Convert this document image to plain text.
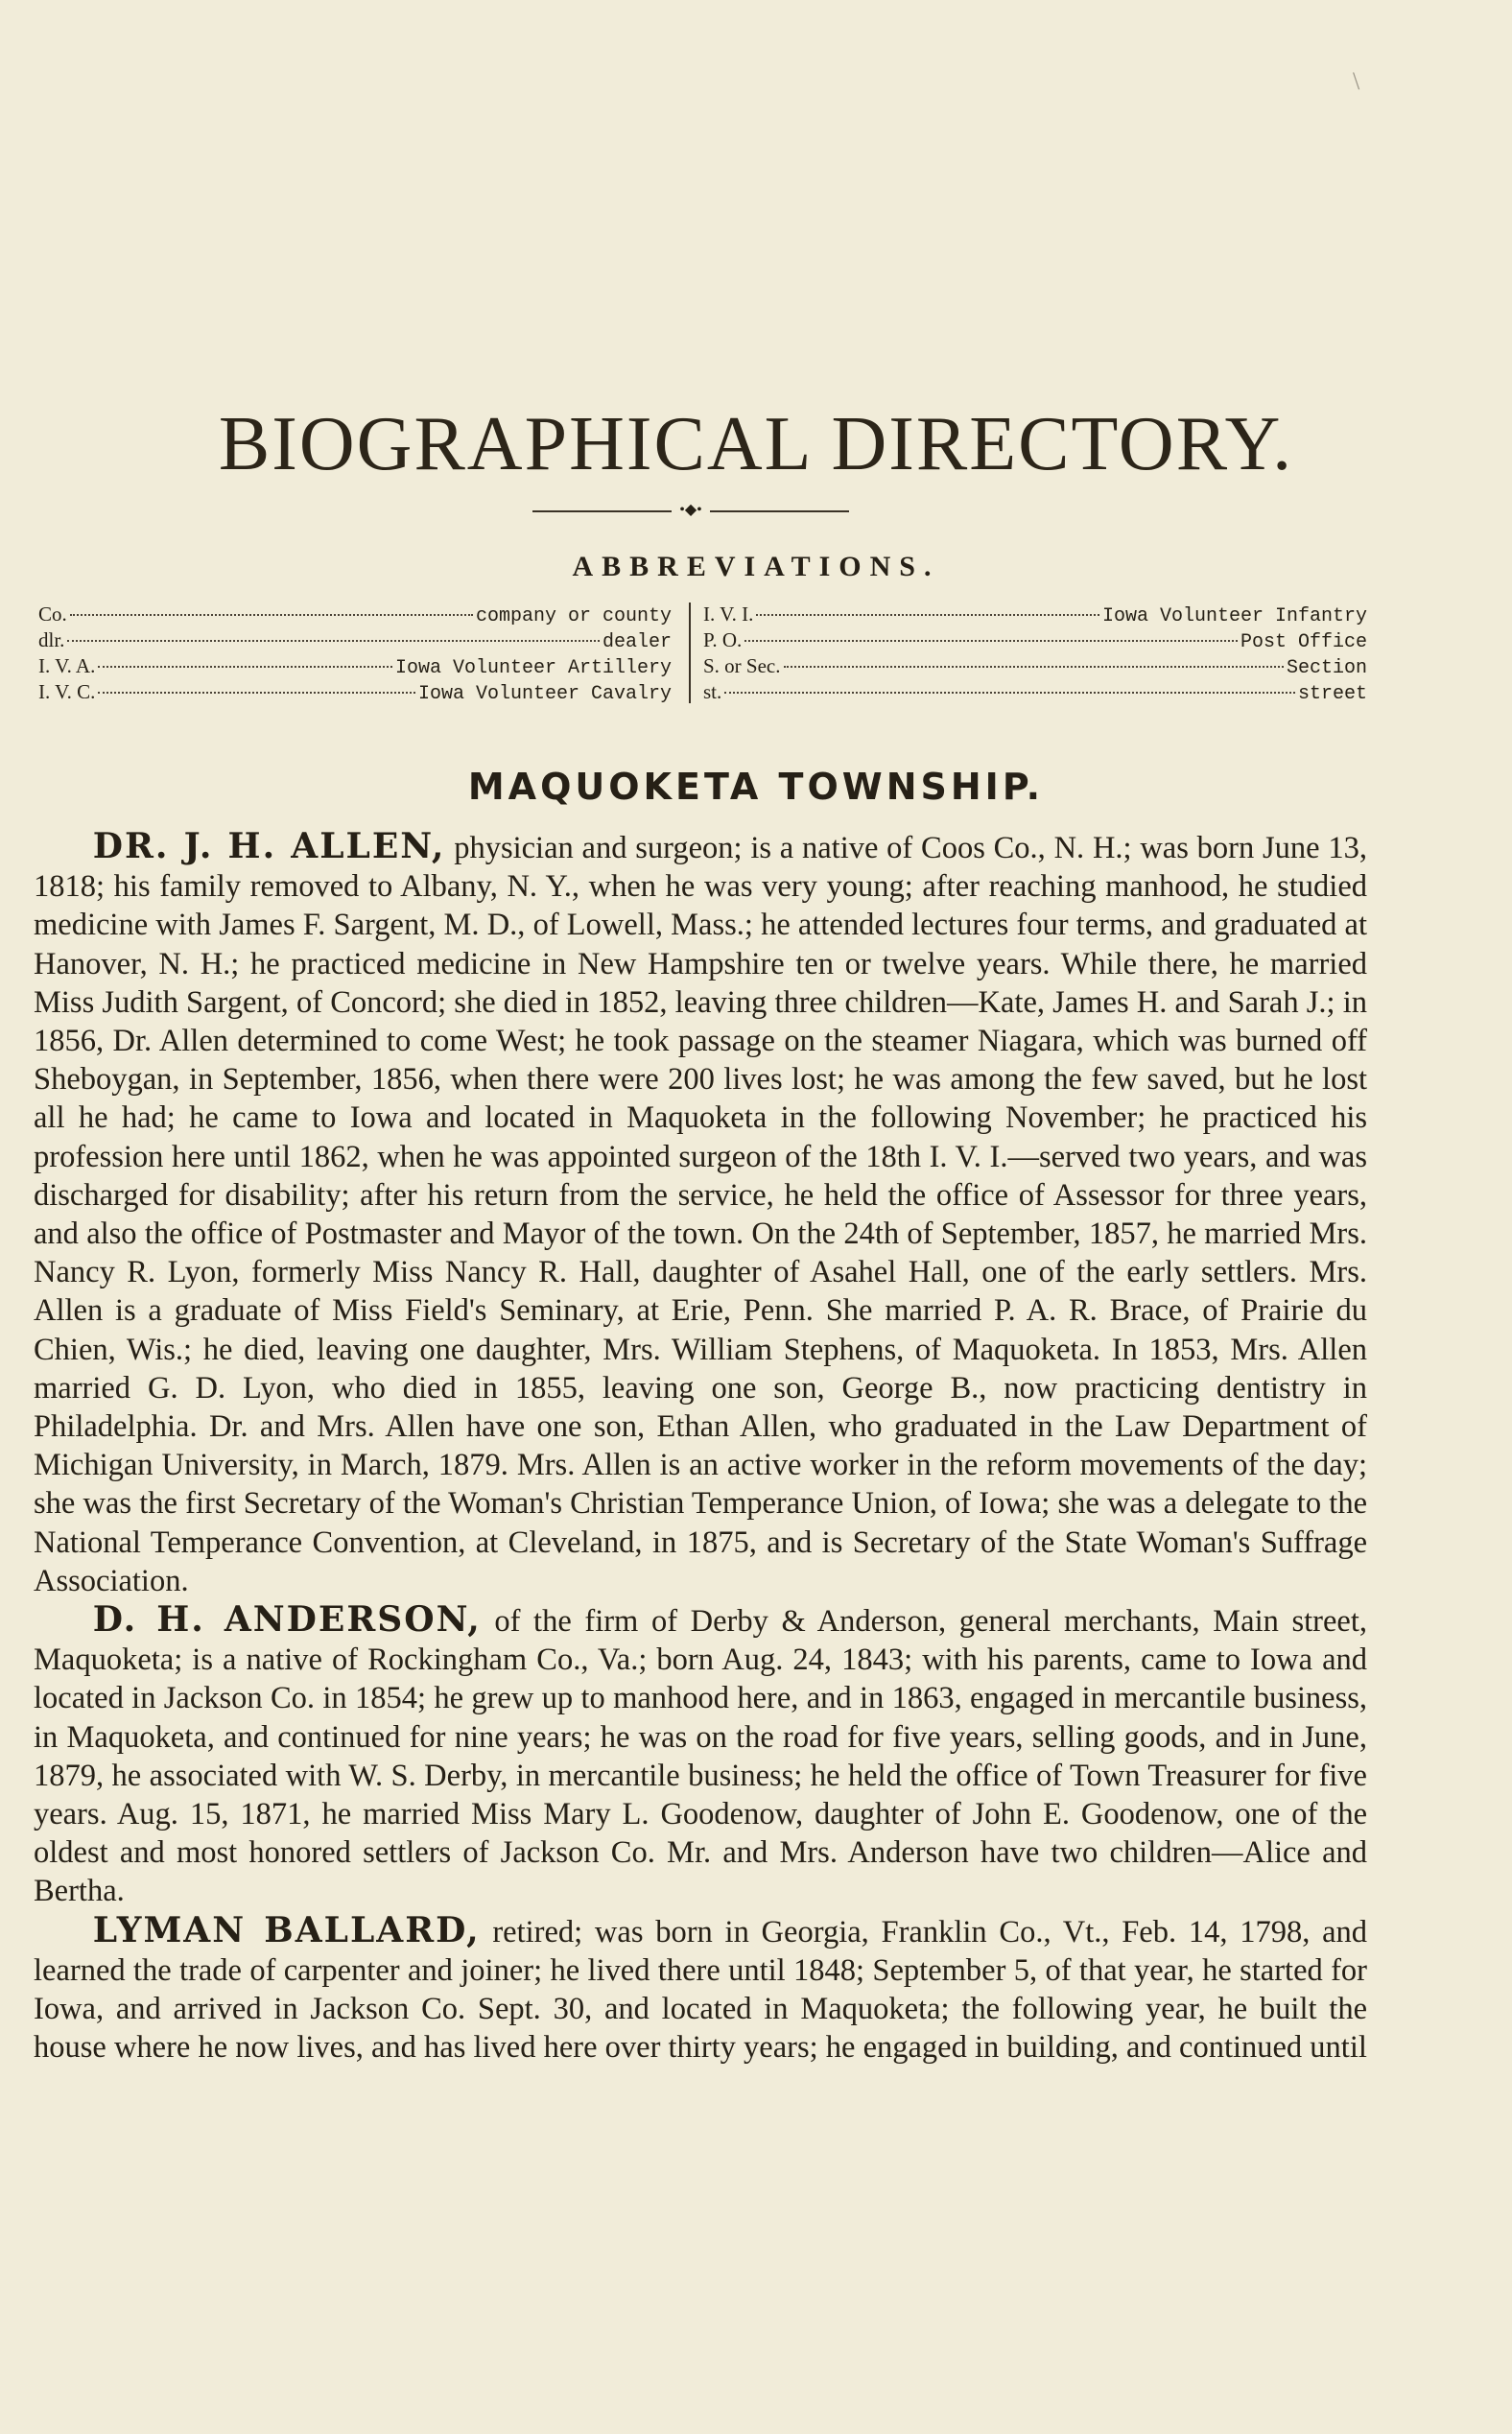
\
BIOGRAPHICAL DIRECTORY.
•◆•
ABBREVIATIONS.
Co.	company or county
dlr.	dealer
I. V. A.	Iowa Volunteer Artillery
I. V. C.	Iowa Volunteer Cavalry
I. V. I.	Iowa Volunteer Infantry
P. O.	Post Office
S. or Sec.	Section
st.	street
MAQUOKETA TOWNSHIP.

DR. J. H. ALLEN, physician and surgeon; is a native of Coos Co., N. H.; was born June 13, 1818; his family removed to Albany, N. Y., when he was very young; after reaching manhood, he studied medicine with James F. Sargent, M. D., of Lowell, Mass.; he attended lectures four terms, and graduated at Hanover, N. H.; he practiced medicine in New Hampshire ten or twelve years. While there, he married Miss Judith Sargent, of Concord; she died in 1852, leaving three children—Kate, James H. and Sarah J.; in 1856, Dr. Allen determined to come West; he took passage on the steamer Niagara, which was burned off Sheboygan, in September, 1856, when there were 200 lives lost; he was among the few saved, but he lost all he had; he came to Iowa and located in Maquoketa in the following November; he practiced his profession here until 1862, when he was appointed surgeon of the 18th I. V. I.—served two years, and was discharged for disability; after his return from the service, he held the office of Assessor for three years, and also the office of Postmaster and Mayor of the town. On the 24th of September, 1857, he married Mrs. Nancy R. Lyon, formerly Miss Nancy R. Hall, daughter of Asahel Hall, one of the early settlers. Mrs. Allen is a graduate of Miss Field's Seminary, at Erie, Penn. She married P. A. R. Brace, of Prairie du Chien, Wis.; he died, leaving one daughter, Mrs. William Stephens, of Maquoketa. In 1853, Mrs. Allen married G. D. Lyon, who died in 1855, leaving one son, George B., now practicing dentistry in Philadelphia. Dr. and Mrs. Allen have one son, Ethan Allen, who graduated in the Law Department of Michigan University, in March, 1879. Mrs. Allen is an active worker in the reform movements of the day; she was the first Secretary of the Woman's Christian Temperance Union, of Iowa; she was a delegate to the National Temperance Convention, at Cleveland, in 1875, and is Secretary of the State Woman's Suffrage Association.

D. H. ANDERSON, of the firm of Derby & Anderson, general merchants, Main street, Maquoketa; is a native of Rockingham Co., Va.; born Aug. 24, 1843; with his parents, came to Iowa and located in Jackson Co. in 1854; he grew up to manhood here, and in 1863, engaged in mercantile business, in Maquoketa, and continued for nine years; he was on the road for five years, selling goods, and in June, 1879, he associated with W. S. Derby, in mercantile business; he held the office of Town Treasurer for five years. Aug. 15, 1871, he married Miss Mary L. Goodenow, daughter of John E. Goodenow, one of the oldest and most honored settlers of Jackson Co. Mr. and Mrs. Anderson have two children—Alice and Bertha.

LYMAN BALLARD, retired; was born in Georgia, Franklin Co., Vt., Feb. 14, 1798, and learned the trade of carpenter and joiner; he lived there until 1848; September 5, of that year, he started for Iowa, and arrived in Jackson Co. Sept. 30, and located in Maquoketa; the following year, he built the house where he now lives, and has lived here over thirty years; he engaged in building, and continued until
